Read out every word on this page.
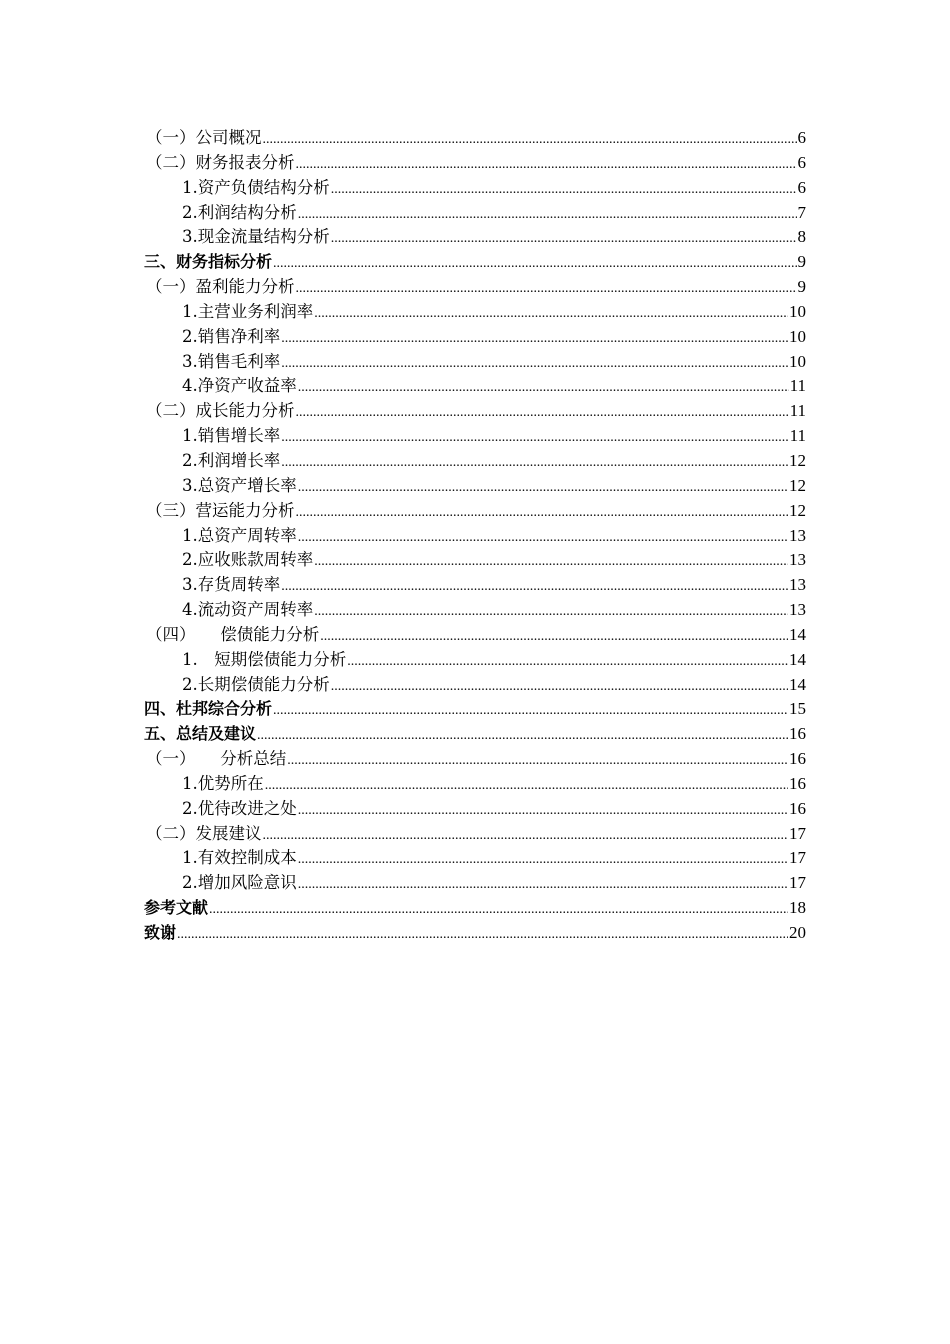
（一）公司概况 .....	6
（二）财务报表分析 .....	6
1.资产负债结构分析 .....	6
2.利润结构分析 .....	7
3.现金流量结构分析 .....	8
三、财务指标分析 .....	9
（一）盈利能力分析 .....	9
1.主营业务利润率 .....	10
2.销售净利率 .....	10
3.销售毛利率 .....	10
4.净资产收益率 .....	11
（二）成长能力分析 .....	11
1.销售增长率 .....	11
2.利润增长率 .....	12
3.总资产增长率 .....	12
（三）营运能力分析 .....	12
1.总资产周转率 .....	13
2.应收账款周转率 .....	13
3.存货周转率 .....	13
4.流动资产周转率 .....	13
（四）　　偿债能力分析 .....	14
1.　短期偿债能力分析 .....	14
2.长期偿债能力分析 .....	14
四、杜邦综合分析 .....	15
五、总结及建议 .....	16
（一）　　分析总结 .....	16
1.优势所在 .....	16
2.优待改进之处 .....	16
（二）发展建议 .....	17
1.有效控制成本 .....	17
2.增加风险意识 .....	17
参考文献 .....	18
致谢 .....	20
